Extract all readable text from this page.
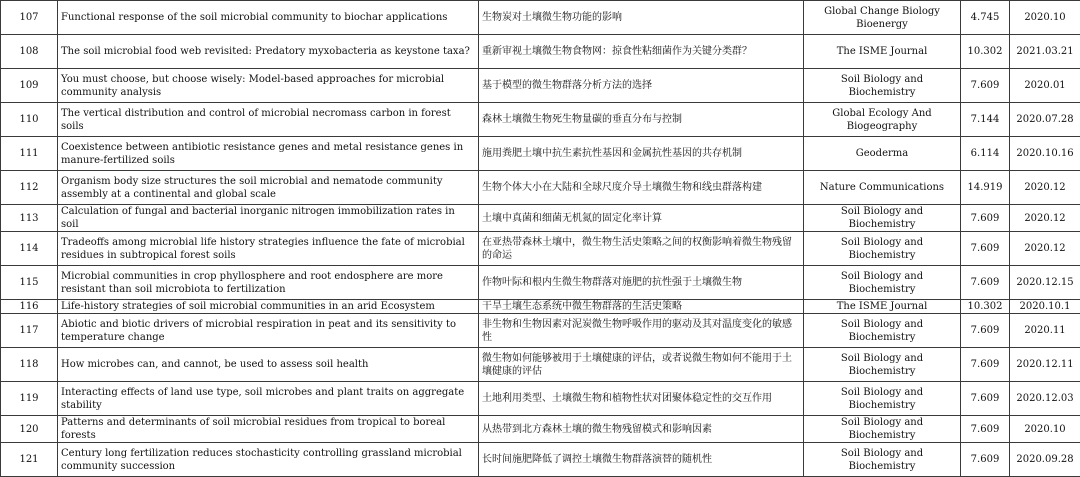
107	Functional response of the soil microbial community to biochar applications	生物炭对土壤微生物功能的影响	Global Change Biology Bioenergy	4.745	2020.10
108	The soil microbial food web revisited: Predatory myxobacteria as keystone taxa?	重新审视土壤微生物食物网：掠食性粘细菌作为关键分类群？	The ISME Journal	10.302	2021.03.21
109	You must choose, but choose wisely: Model-based approaches for microbial community analysis	基于模型的微生物群落分析方法的选择	Soil Biology and Biochemistry	7.609	2020.01
110	The vertical distribution and control of microbial necromass carbon in forest soils	森林土壤微生物死生物量碳的垂直分布与控制	Global Ecology And Biogeography	7.144	2020.07.28
111	Coexistence between antibiotic resistance genes and metal resistance genes in manure-fertilized soils	施用粪肥土壤中抗生素抗性基因和金属抗性基因的共存机制	Geoderma	6.114	2020.10.16
112	Organism body size structures the soil microbial and nematode community assembly at a continental and global scale	生物个体大小在大陆和全球尺度介导土壤微生物和线虫群落构建	Nature Communications	14.919	2020.12
113	Calculation of fungal and bacterial inorganic nitrogen immobilization rates in soil	土壤中真菌和细菌无机氮的固定化率计算	Soil Biology and Biochemistry	7.609	2020.12
114	Tradeoffs among microbial life history strategies influence the fate of microbial residues in subtropical forest soils	在亚热带森林土壤中，微生物生活史策略之间的权衡影响着微生物残留的命运	Soil Biology and Biochemistry	7.609	2020.12
115	Microbial communities in crop phyllosphere and root endosphere are more resistant than soil microbiota to fertilization	作物叶际和根内生微生物群落对施肥的抗性强于土壤微生物	Soil Biology and Biochemistry	7.609	2020.12.15
116	Life-history strategies of soil microbial communities in an arid Ecosystem	干旱土壤生态系统中微生物群落的生活史策略	The ISME Journal	10.302	2020.10.1
117	Abiotic and biotic drivers of microbial respiration in peat and its sensitivity to temperature change	非生物和生物因素对泥炭微生物呼吸作用的驱动及其对温度变化的敏感性	Soil Biology and Biochemistry	7.609	2020.11
118	How microbes can, and cannot, be used to assess soil health	微生物如何能够被用于土壤健康的评估，或者说微生物如何不能用于土壤健康的评估	Soil Biology and Biochemistry	7.609	2020.12.11
119	Interacting effects of land use type, soil microbes and plant traits on aggregate stability	土地利用类型、土壤微生物和植物性状对团聚体稳定性的交互作用	Soil Biology and Biochemistry	7.609	2020.12.03
120	Patterns and determinants of soil microbial residues from tropical to boreal forests	从热带到北方森林土壤的微生物残留模式和影响因素	Soil Biology and Biochemistry	7.609	2020.10
121	Century long fertilization reduces stochasticity controlling grassland microbial community succession	长时间施肥降低了调控土壤微生物群落演替的随机性	Soil Biology and Biochemistry	7.609	2020.09.28
